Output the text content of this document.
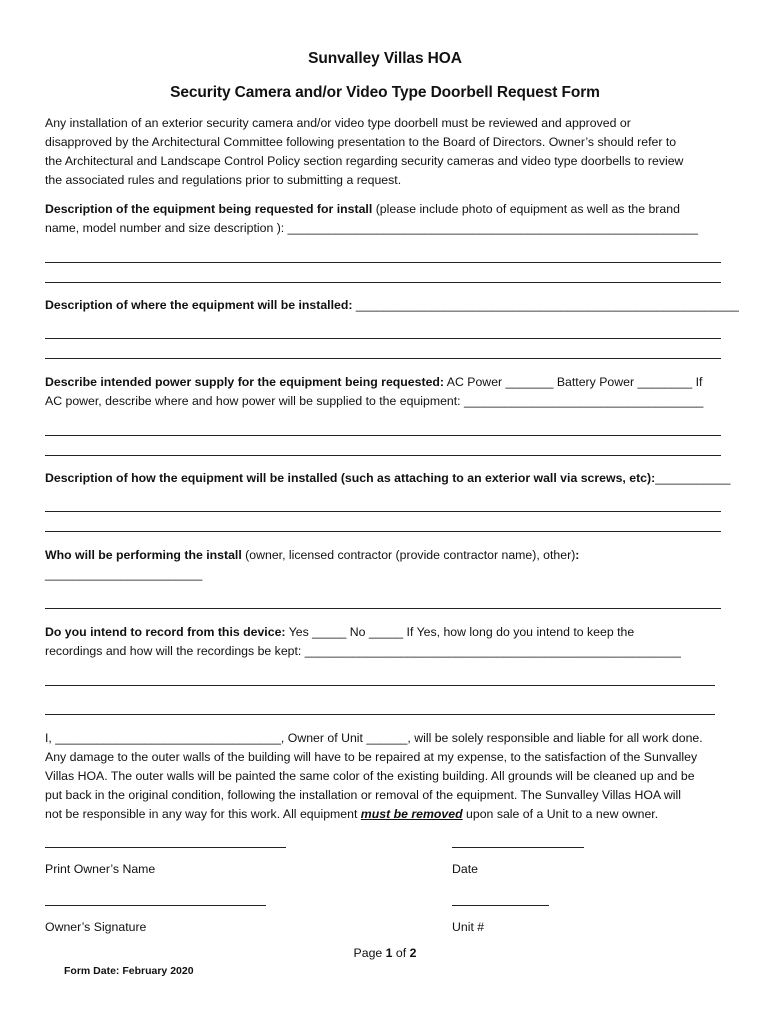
Sunvalley Villas HOA
Security Camera and/or Video Type Doorbell Request Form
Any installation of an exterior security camera and/or video type doorbell must be reviewed and approved or
disapproved by the Architectural Committee following presentation to the Board of Directors. Owner’s should refer to
the Architectural and Landscape Control Policy section regarding security cameras and video type doorbells to review
the associated rules and regulations prior to submitting a request.
Description of the equipment being requested for install (please include photo of equipment as well as the brand
name, model number and size description ): ____________________________________________________________
Description of where the equipment will be installed: ________________________________________________________
Describe intended power supply for the equipment being requested: AC Power _______ Battery Power ________ If
AC power, describe where and how power will be supplied to the equipment: ___________________________________
Description of how the equipment will be installed (such as attaching to an exterior wall via screws, etc):___________
Who will be performing the install (owner, licensed contractor (provide contractor name), other):
_______________________
Do you intend to record from this device: Yes _____ No _____ If Yes, how long do you intend to keep the
recordings and how will the recordings be kept: _______________________________________________________
I, _________________________________, Owner of Unit ______, will be solely responsible and liable for all work done.
Any damage to the outer walls of the building will have to be repaired at my expense, to the satisfaction of the Sunvalley
Villas HOA. The outer walls will be painted the same color of the existing building. All grounds will be cleaned up and be
put back in the original condition, following the installation or removal of the equipment. The Sunvalley Villas HOA will
not be responsible in any way for this work. All equipment must be removed upon sale of a Unit to a new owner.
Print Owner’s Name	Date
Owner’s Signature	Unit #
Page 1 of 2
Form Date: February 2020
